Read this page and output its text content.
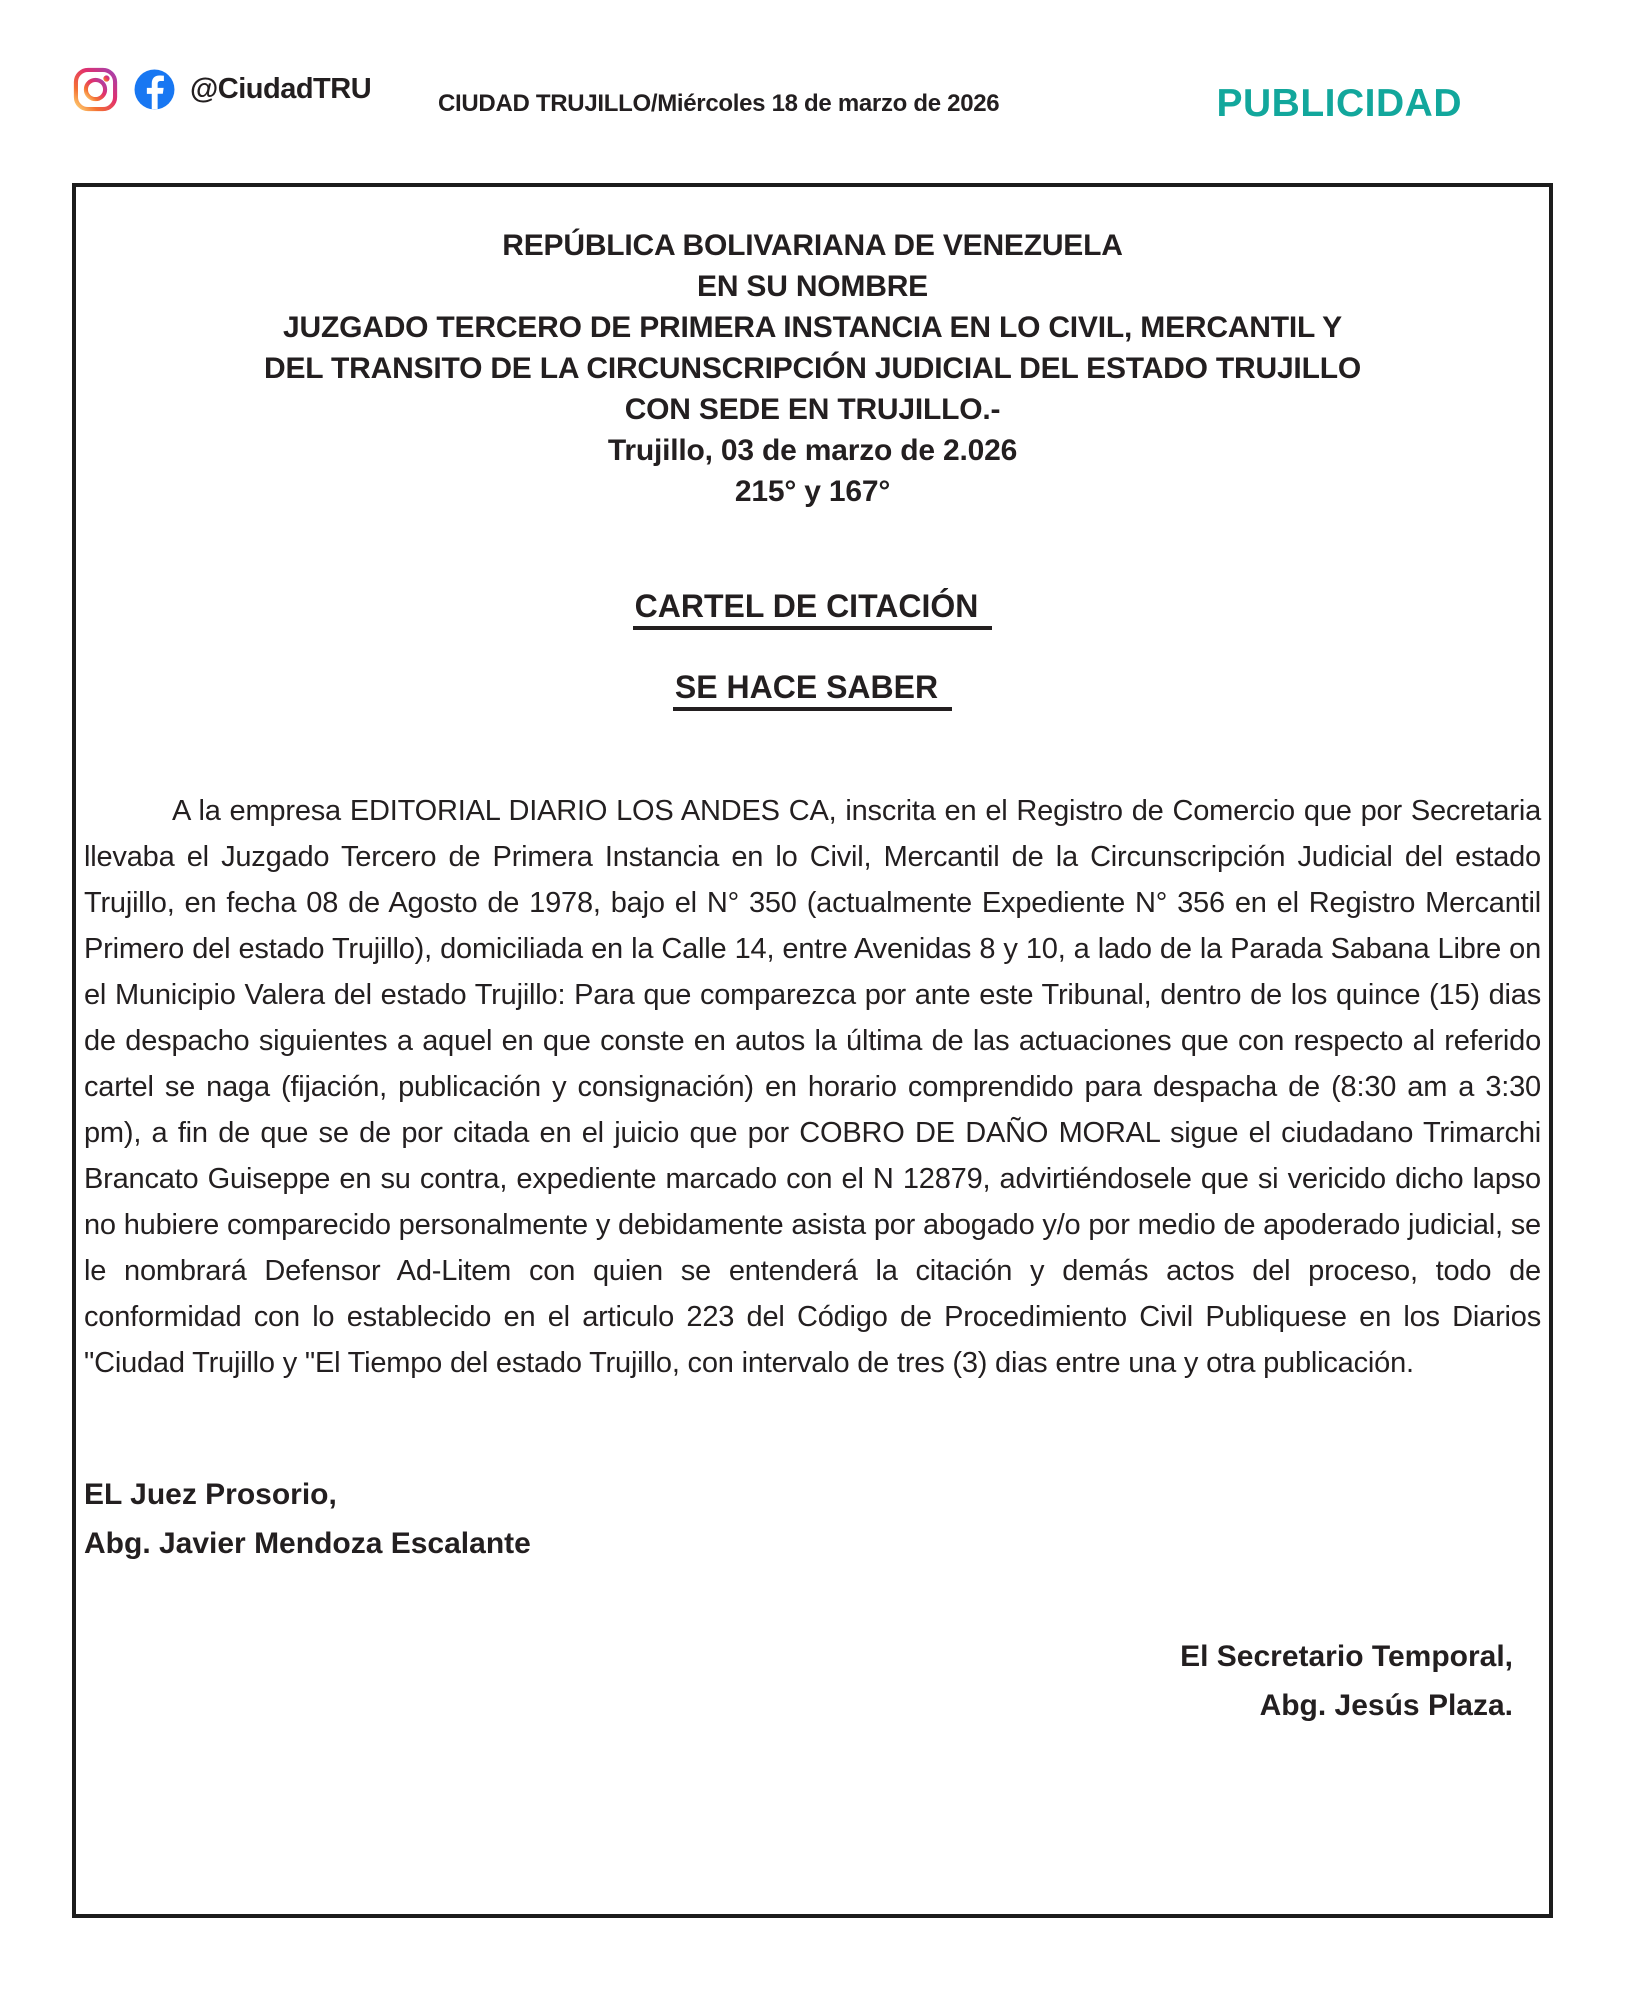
@CiudadTRU	CIUDAD TRUJILLO/Miércoles 18 de marzo de 2026	PUBLICIDAD
REPÚBLICA BOLIVARIANA DE VENEZUELA
EN SU NOMBRE
JUZGADO TERCERO DE PRIMERA INSTANCIA EN LO CIVIL, MERCANTIL Y
DEL TRANSITO DE LA CIRCUNSCRIPCIÓN JUDICIAL DEL ESTADO TRUJILLO
CON SEDE EN TRUJILLO.-
Trujillo, 03 de marzo de 2.026
215° y 167°
CARTEL DE CITACIÓN
SE HACE SABER

A la empresa EDITORIAL DIARIO LOS ANDES CA, inscrita en el Registro de Comercio que por Secretaria llevaba el Juzgado Tercero de Primera Instancia en lo Civil, Mercantil de la Circunscripción Judicial del estado Trujillo, en fecha 08 de Agosto de 1978, bajo el N° 350 (actualmente Expediente N° 356 en el Registro Mercantil Primero del estado Trujillo), domiciliada en la Calle 14, entre Avenidas 8 y 10, a lado de la Parada Sabana Libre on el Municipio Valera del estado Trujillo: Para que comparezca por ante este Tribunal, dentro de los quince (15) dias de despacho siguientes a aquel en que conste en autos la última de las actuaciones que con respecto al referido cartel se naga (fijación, publicación y consignación) en horario comprendido para despacha de (8:30 am a 3:30 pm), a fin de que se de por citada en el juicio que por COBRO DE DAÑO MORAL sigue el ciudadano Trimarchi Brancato Guiseppe en su contra, expediente marcado con el N 12879, advirtiéndosele que si vericido dicho lapso no hubiere comparecido personalmente y debidamente asista por abogado y/o por medio de apoderado judicial, se le nombrará Defensor Ad-Litem con quien se entenderá la citación y demás actos del proceso, todo de conformidad con lo establecido en el articulo 223 del Código de Procedimiento Civil Publiquese en los Diarios "Ciudad Trujillo y "El Tiempo del estado Trujillo, con intervalo de tres (3) dias entre una y otra publicación.

EL Juez Prosorio,
Abg. Javier Mendoza Escalante
El Secretario Temporal,
Abg. Jesús Plaza.
